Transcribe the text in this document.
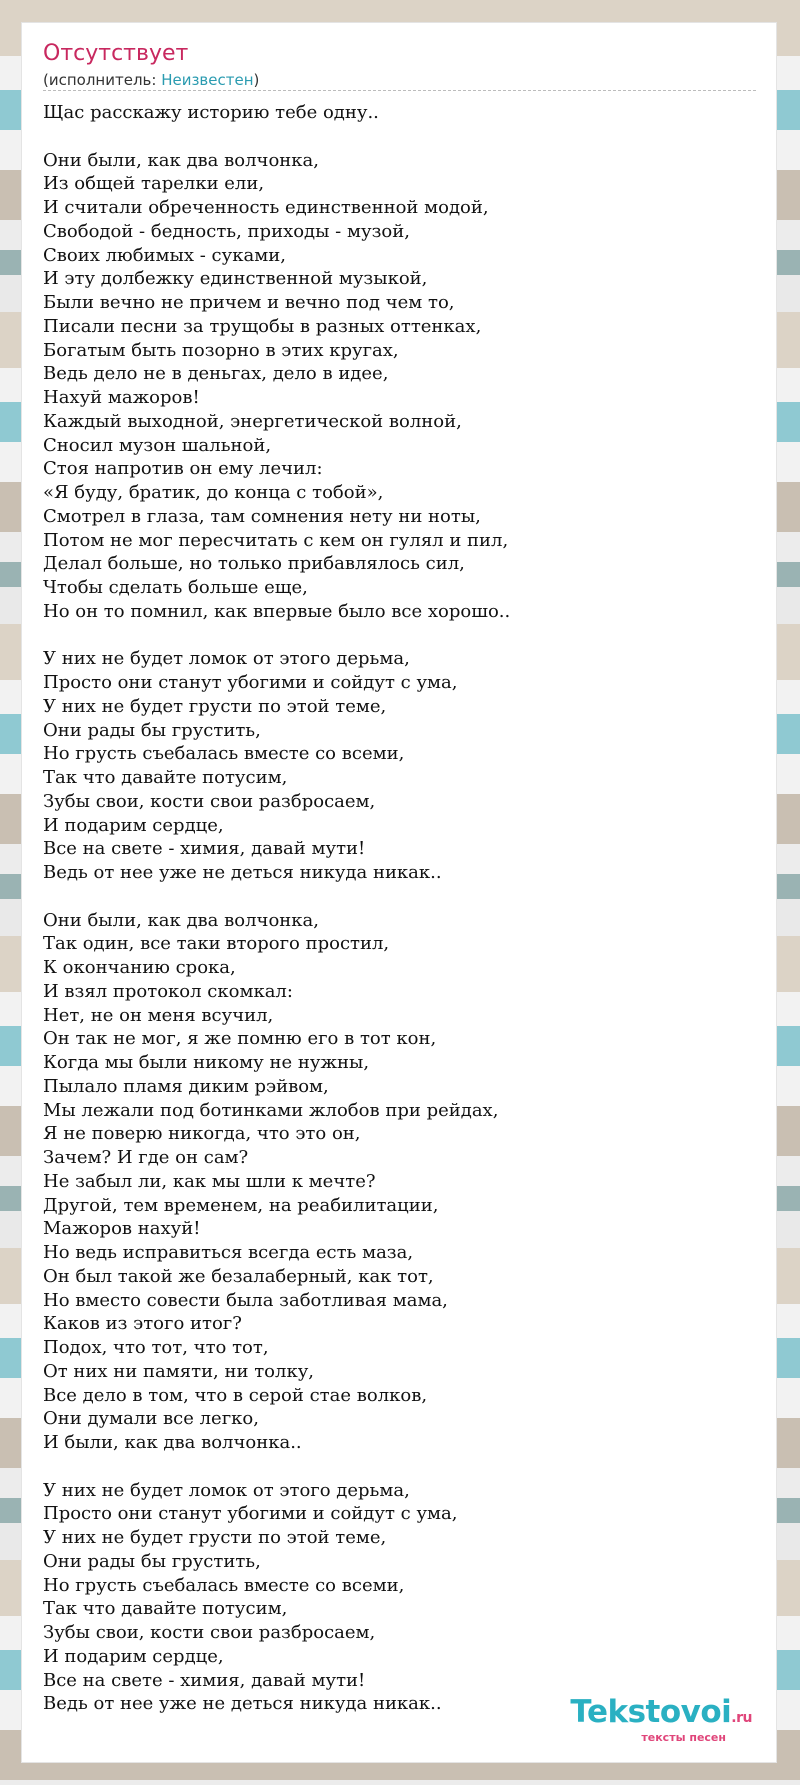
Отсутствует
(исполнитель: Неизвестен)
Щас расскажу историю тебе одну..
Они были, как два волчонка,
Из общей тарелки ели,
И считали обреченность единственной модой,
Свободой - бедность, приходы - музой,
Своих любимых - суками,
И эту долбежку единственной музыкой,
Были вечно не причем и вечно под чем то,
Писали песни за трущобы в разных оттенках,
Богатым быть позорно в этих кругах,
Ведь дело не в деньгах, дело в идее,
Нахуй мажоров!
Каждый выходной, энергетической волной,
Сносил музон шальной,
Стоя напротив он ему лечил:
«Я буду, братик, до конца с тобой»,
Смотрел в глаза, там сомнения нету ни ноты,
Потом не мог пересчитать с кем он гулял и пил,
Делал больше, но только прибавлялось сил,
Чтобы сделать больше еще,
Но он то помнил, как впервые было все хорошо..
У них не будет ломок от этого дерьма,
Просто они станут убогими и сойдут с ума,
У них не будет грусти по этой теме,
Они рады бы грустить,
Но грусть съебалась вместе со всеми,
Так что давайте потусим,
Зубы свои, кости свои разбросаем,
И подарим сердце,
Все на свете - химия, давай мути!
Ведь от нее уже не деться никуда никак..
Они были, как два волчонка,
Так один, все таки второго простил,
К окончанию срока,
И взял протокол скомкал:
Нет, не он меня всучил,
Он так не мог, я же помню его в тот кон,
Когда мы были никому не нужны,
Пылало пламя диким рэйвом,
Мы лежали под ботинками жлобов при рейдах,
Я не поверю никогда, что это он,
Зачем? И где он сам?
Не забыл ли, как мы шли к мечте?
Другой, тем временем, на реабилитации,
Мажоров нахуй!
Но ведь исправиться всегда есть маза,
Он был такой же безалаберный, как тот,
Но вместо совести была заботливая мама,
Каков из этого итог?
Подох, что тот, что тот,
От них ни памяти, ни толку,
Все дело в том, что в серой стае волков,
Они думали все легко,
И были, как два волчонка..
У них не будет ломок от этого дерьма,
Просто они станут убогими и сойдут с ума,
У них не будет грусти по этой теме,
Они рады бы грустить,
Но грусть съебалась вместе со всеми,
Так что давайте потусим,
Зубы свои, кости свои разбросаем,
И подарим сердце,
Все на свете - химия, давай мути!
Ведь от нее уже не деться никуда никак..	Tekstovoi.ru
тексты песен
